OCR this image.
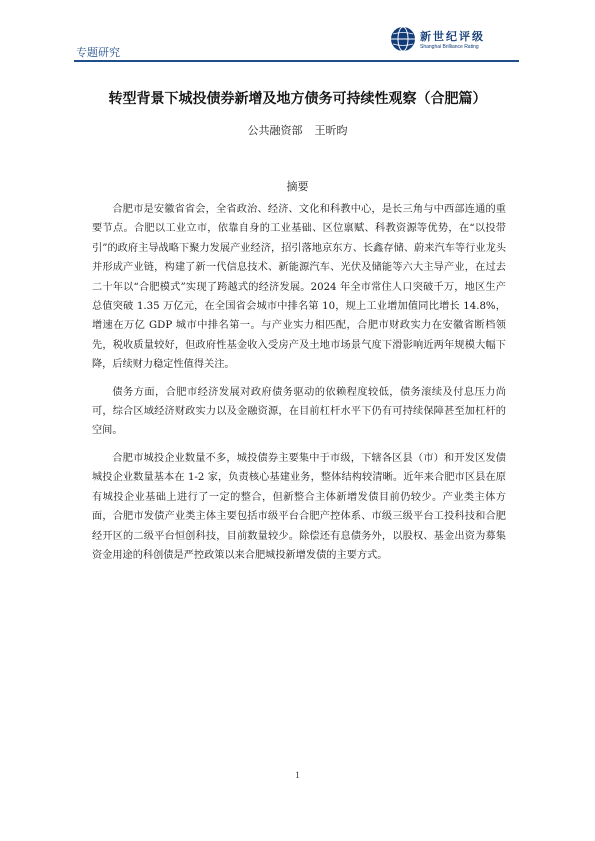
专题研究
新世纪评级
Shanghai Brilliance Rating
转型背景下城投债券新增及地方债务可持续性观察（合肥篇）
公共融资部 王昕昀
摘要

合肥市是安徽省省会，全省政治、经济、文化和科教中心，是长三角与中西部连通的重要节点。合肥以工业立市，依靠自身的工业基础、区位禀赋、科教资源等优势，在“以投带引”的政府主导战略下聚力发展产业经济，招引落地京东方、长鑫存储、蔚来汽车等行业龙头并形成产业链，构建了新一代信息技术、新能源汽车、光伏及储能等六大主导产业，在过去二十年以“合肥模式”实现了跨越式的经济发展。2024 年全市常住人口突破千万，地区生产总值突破 1.35 万亿元，在全国省会城市中排名第 10，规上工业增加值同比增长 14.8%，增速在万亿 GDP 城市中排名第一。与产业实力相匹配，合肥市财政实力在安徽省断档领先，税收质量较好，但政府性基金收入受房产及土地市场景气度下滑影响近两年规模大幅下降，后续财力稳定性值得关注。

债务方面，合肥市经济发展对政府债务驱动的依赖程度较低，债务滚续及付息压力尚可，综合区域经济财政实力以及金融资源，在目前杠杆水平下仍有可持续保障甚至加杠杆的空间。

合肥市城投企业数量不多，城投债券主要集中于市级，下辖各区县（市）和开发区发债城投企业数量基本在 1-2 家，负责核心基建业务，整体结构较清晰。近年来合肥市区县在原有城投企业基础上进行了一定的整合，但新整合主体新增发债目前仍较少。产业类主体方面，合肥市发债产业类主体主要包括市级平台合肥产控体系、市级三级平台工投科技和合肥经开区的二级平台恒创科技，目前数量较少。除偿还有息债务外，以股权、基金出资为募集资金用途的科创债是严控政策以来合肥城投新增发债的主要方式。

1
